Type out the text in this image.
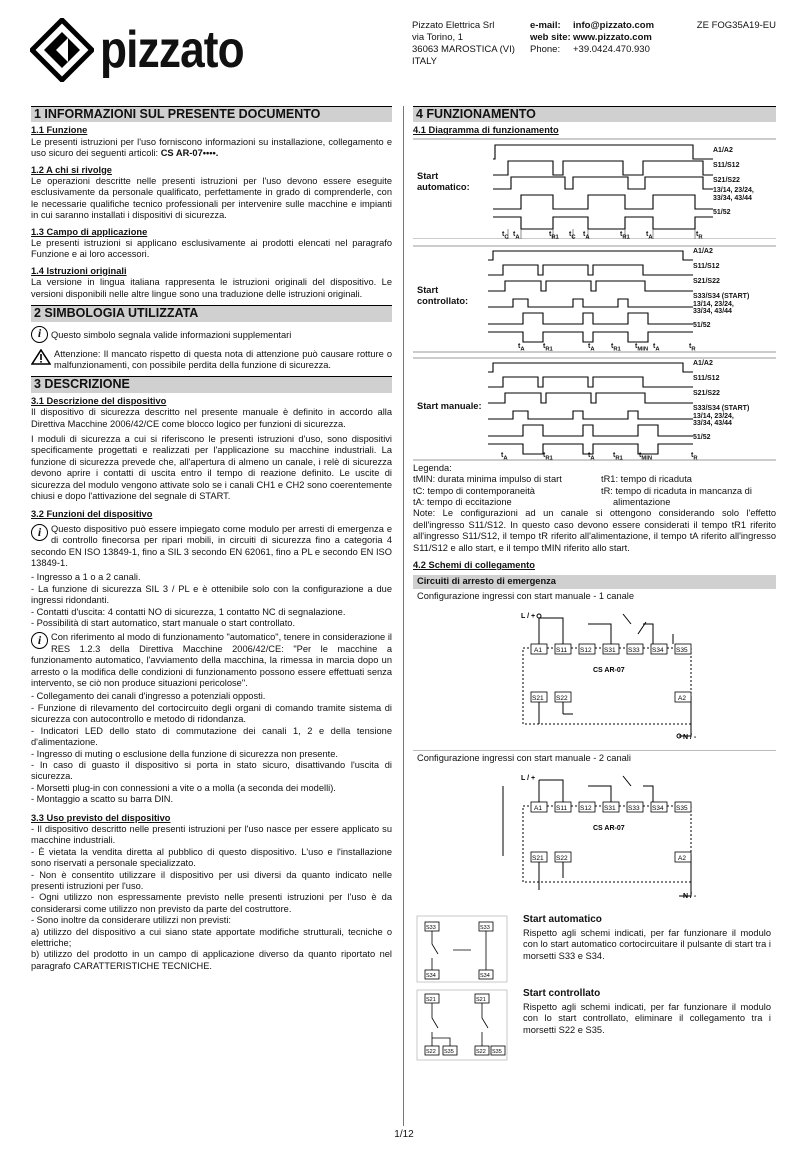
pizzato	Pizzato Elettrica Srl
via Torino, 1
36063 MAROSTICA (VI)
ITALY
e-mail:	info@pizzato.com
web site: www.pizzato.com
Phone:	+39.0424.470.930
ZE FOG35A19-EU
1 INFORMAZIONI SUL PRESENTE DOCUMENTO
1.1 Funzione

Le presenti istruzioni per l'uso forniscono informazioni su installazione, collegamento e uso sicuro dei seguenti articoli: CS AR-07••••.

1.2 A chi si rivolge

Le operazioni descritte nelle presenti istruzioni per l'uso devono essere eseguite esclusivamente da personale qualificato, perfettamente in grado di comprenderle, con le necessarie qualifiche tecnico professionali per intervenire sulle macchine e impianti in cui saranno installati i dispositivi di sicurezza.

1.3 Campo di applicazione

Le presenti istruzioni si applicano esclusivamente ai prodotti elencati nel paragrafo Funzione e ai loro accessori.

1.4 Istruzioni originali

La versione in lingua italiana rappresenta le istruzioni originali del dispositivo. Le versioni disponibili nelle altre lingue sono una traduzione delle istruzioni originali.

2 SIMBOLOGIA UTILIZZATA

i	Questo simbolo segnala valide informazioni supplementari

Attenzione: Il mancato rispetto di questa nota di attenzione può causare rotture o malfunzionamenti, con possibile perdita della funzione di sicurezza.

3 DESCRIZIONE
3.1 Descrizione del dispositivo

Il dispositivo di sicurezza descritto nel presente manuale è definito in accordo alla Direttiva Macchine 2006/42/CE come blocco logico per funzioni di sicurezza.

I moduli di sicurezza a cui si riferiscono le presenti istruzioni d'uso, sono dispositivi specificamente progettati e realizzati per l'applicazione su macchine industriali. La funzione di sicurezza prevede che, all'apertura di almeno un canale, i relè di sicurezza devono aprire i contatti di uscita entro il tempo di reazione definito. Le uscite di sicurezza del modulo vengono attivate solo se i canali CH1 e CH2 sono coerentemente chiusi e dopo l'attivazione del segnale di START.

3.2 Funzioni del dispositivo

i	Questo dispositivo può essere impiegato come modulo per arresti di emergenza e di controllo finecorsa per ripari mobili, in circuiti di sicurezza fino a categoria 4 secondo EN ISO 13849-1, fino a SIL 3 secondo EN 62061, fino a PL e secondo EN ISO 13849-1.

- Ingresso a 1 o a 2 canali.

- La funzione di sicurezza SIL 3 / PL e è ottenibile solo con la configurazione a due ingressi ridondanti.

- Contatti d'uscita: 4 contatti NO di sicurezza, 1 contatto NC di segnalazione.

- Possibilità di start automatico, start manuale o start controllato.

i	Con riferimento al modo di funzionamento "automatico", tenere in considerazione il RES 1.2.3 della Direttiva Macchine 2006/42/CE: "Per le macchine a funzionamento automatico, l'avviamento della macchina, la rimessa in marcia dopo un arresto o la modifica delle condizioni di funzionamento possono essere effettuati senza intervento, se ciò non produce situazioni pericolose".

- Collegamento dei canali d'ingresso a potenziali opposti.

- Funzione di rilevamento del cortocircuito degli organi di comando tramite sistema di sicurezza con autocontrollo e metodo di ridondanza.

- Indicatori LED dello stato di commutazione dei canali 1, 2 e della tensione d'alimentazione.

- Ingresso di muting o esclusione della funzione di sicurezza non presente.

- In caso di guasto il dispositivo si porta in stato sicuro, disattivando l'uscita di sicurezza.

- Morsetti plug-in con connessioni a vite o a molla (a seconda dei modelli).

- Montaggio a scatto su barra DIN.

3.3 Uso previsto del dispositivo

- Il dispositivo descritto nelle presenti istruzioni per l'uso nasce per essere applicato su macchine industriali.

- È vietata la vendita diretta al pubblico di questo dispositivo. L'uso e l'installazione sono riservati a personale specializzato.

- Non è consentito utilizzare il dispositivo per usi diversi da quanto indicato nelle presenti istruzioni per l'uso.

- Ogni utilizzo non espressamente previsto nelle presenti istruzioni per l'uso è da considerarsi come utilizzo non previsto da parte del costruttore.

- Sono inoltre da considerare utilizzi non previsti:

a) utilizzo del dispositivo a cui siano state apportate modifiche strutturali, tecniche o elettriche;

b) utilizzo del prodotto in un campo di applicazione diverso da quanto riportato nel paragrafo CARATTERISTICHE TECNICHE.

4 FUNZIONAMENTO
4.1 Diagramma di funzionamento
Start
automatico:
A1/A2
S11/S12
S21/S22
13/14, 23/24,
33/34, 43/44
51/52
$t_C$ $t_A$	$t_{R1}$ $t_C$ $t_A$	$t_{R1}$ $t_A$	$t_R$
Start
controllato:
A1/A2
S11/S12
S21/S22
S33/S34 (START)
13/14, 23/24,
33/34, 43/44
51/52
$t_A$	$t_{R1}$	$t_A$ $t_{R1}$ $t_{MIN}$ $t_A$	$t_R$
Start manuale:
A1/A2
S11/S12
S21/S22
S33/S34 (START)
13/14, 23/24,
33/34, 43/44
51/52
$t_A$	$t_{R1}$	$t_A$	$t_{R1}$ $t_{MIN}$	$t_R$
Legenda:
tMIN: durata minima impulso di start	tR1: tempo di ricaduta
tC: tempo di contemporaneità	tR: tempo di ricaduta in mancanza di
tA: tempo di eccitazione	alimentazione

Note: Le configurazioni ad un canale si ottengono considerando solo l'effetto dell'ingresso S11/S12. In questo caso devono essere considerati il tempo tR1 riferito all'ingresso S11/S12, il tempo tR riferito all'alimentazione, il tempo tA riferito all'ingresso S11/S12 e allo start, e il tempo tMIN riferito allo start.

4.2 Schemi di collegamento
Circuiti di arresto di emergenza
Configurazione ingressi con start manuale - 1 canale
L / +
N / -
A1 S11 S12 S31 S33 S34 S35
S21 S22	A2
CS AR-07
Configurazione ingressi con start manuale - 2 canali
L / +
N / -
A1 S11 S12 S31 S33 S34 S35
S21 S22	A2
CS AR-07
S33	S33
S34	S34
Start automatico

Rispetto agli schemi indicati, per far funzionare il modulo con lo start automatico cortocircuitare il pulsante di start tra i morsetti S33 e S34.

S21	S21
S22 S35	S22 S35
Start controllato

Rispetto agli schemi indicati, per far funzionare il modulo con lo start controllato, eliminare il collegamento tra i morsetti S22 e S35.

1/12
